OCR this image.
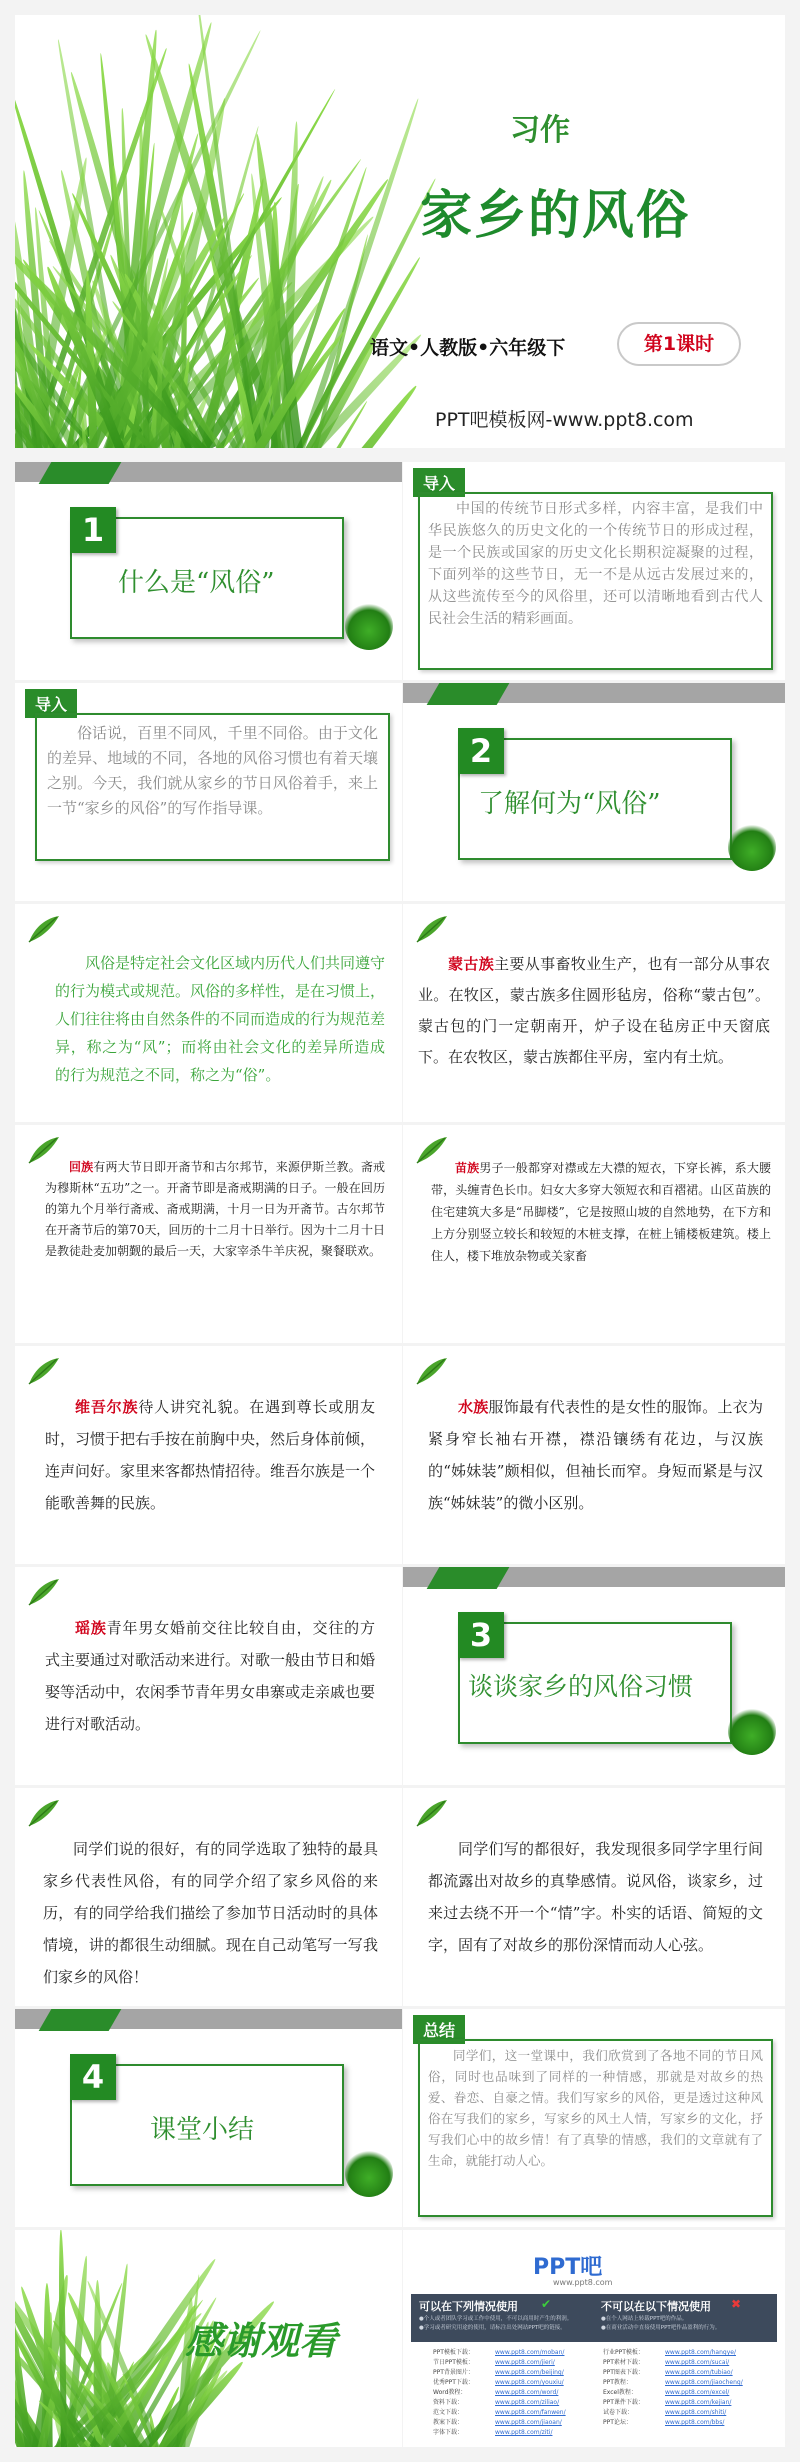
习作
家乡的风俗
语文•人教版•六年级下	第1课时
PPT吧模板网-www.ppt8.com
1
什么是“风俗”
导入
中国的传统节日形式多样，内容丰富，是我们中华民族悠久的历史文化的一个传统节日的形成过程，是一个民族或国家的历史文化长期积淀凝聚的过程，下面列举的这些节日，无一不是从远古发展过来的，从这些流传至今的风俗里，还可以清晰地看到古代人民社会生活的精彩画面。
导入
俗话说，百里不同风，千里不同俗。由于文化的差异、地域的不同，各地的风俗习惯也有着天壤之别。今天，我们就从家乡的节日风俗着手，来上一节“家乡的风俗”的写作指导课。
2
了解何为“风俗”
风俗是特定社会文化区域内历代人们共同遵守的行为模式或规范。风俗的多样性，是在习惯上，人们往往将由自然条件的不同而造成的行为规范差异，称之为“风”；而将由社会文化的差异所造成的行为规范之不同，称之为“俗”。
蒙古族主要从事畜牧业生产，也有一部分从事农业。在牧区，蒙古族多住圆形毡房，俗称“蒙古包”。蒙古包的门一定朝南开，炉子设在毡房正中天窗底下。在农牧区，蒙古族都住平房，室内有土炕。
回族有两大节日即开斋节和古尔邦节，来源伊斯兰教。斋戒为穆斯林“五功”之一。开斋节即是斋戒期满的日子。一般在回历的第九个月举行斋戒、斋戒期满，十月一日为开斋节。古尔邦节在开斋节后的第70天，回历的十二月十日举行。因为十二月十日是教徒赴麦加朝觐的最后一天，大家宰杀牛羊庆祝，聚餐联欢。
苗族男子一般都穿对襟或左大襟的短衣，下穿长裤，系大腰带，头缠青色长巾。妇女大多穿大领短衣和百褶裙。山区苗族的住宅建筑大多是“吊脚楼”，它是按照山坡的自然地势，在下方和上方分别竖立较长和较短的木桩支撑，在桩上铺楼板建筑。楼上住人，楼下堆放杂物或关家畜
维吾尔族待人讲究礼貌。在遇到尊长或朋友时，习惯于把右手按在前胸中央，然后身体前倾，连声问好。家里来客都热情招待。维吾尔族是一个能歌善舞的民族。
水族服饰最有代表性的是女性的服饰。上衣为紧身窄长袖右开襟，襟沿镶绣有花边，与汉族的“姊妹装”颇相似，但袖长而窄。身短而紧是与汉族“姊妹装”的微小区别。
瑶族青年男女婚前交往比较自由，交往的方式主要通过对歌活动来进行。对歌一般由节日和婚娶等活动中，农闲季节青年男女串寨或走亲戚也要进行对歌活动。
3
谈谈家乡的风俗习惯
同学们说的很好，有的同学选取了独特的最具家乡代表性风俗，有的同学介绍了家乡风俗的来历，有的同学给我们描绘了参加节日活动时的具体情境，讲的都很生动细腻。现在自己动笔写一写我们家乡的风俗！
同学们写的都很好，我发现很多同学字里行间都流露出对故乡的真挚感情。说风俗，谈家乡，过来过去绕不开一个“情”字。朴实的话语、简短的文字，固有了对故乡的那份深情而动人心弦。
4
课堂小结
总结
同学们，这一堂课中，我们欣赏到了各地不同的节日风俗，同时也品味到了同样的一种情感，那就是对故乡的热爱、眷恋、自豪之情。我们写家乡的风俗，更是透过这种风俗在写我们的家乡，写家乡的风土人情，写家乡的文化，抒写我们心中的故乡情！有了真挚的情感，我们的文章就有了生命，就能打动人心。
感谢观看
PPT吧
www.ppt8.com
可以在下列情况使用 ✔	不可以在以下情况使用 ✖
●个人或者团队学习或工作中使用，不可以商用时产生的利润。
●学习或者研究用途的使用，请标注出处网站PPT吧的链接。
●在个人网站上转载PPT吧的作品。
●在商业活动中直接使用PPT吧作品盈利的行为。
PPT模板下载：	www.ppt8.com/moban/
节日PPT模板：	www.ppt8.com/jieri/
PPT背景图片：	www.ppt8.com/beijing/
优秀PPT下载：	www.ppt8.com/youxiu/
Word教程：	www.ppt8.com/word/
资料下载：	www.ppt8.com/ziliao/
范文下载：	www.ppt8.com/fanwen/
教案下载：	www.ppt8.com/jiaoan/
字体下载：	www.ppt8.com/ziti/
行业PPT模板：	www.ppt8.com/hangye/
PPT素材下载：	www.ppt8.com/sucai/
PPT图表下载：	www.ppt8.com/tubiao/
PPT教程：	www.ppt8.com/jiaocheng/
Excel教程：	www.ppt8.com/excel/
PPT课件下载：	www.ppt8.com/kejian/
试卷下载：	www.ppt8.com/shiti/
PPT论坛：	www.ppt8.com/bbs/
